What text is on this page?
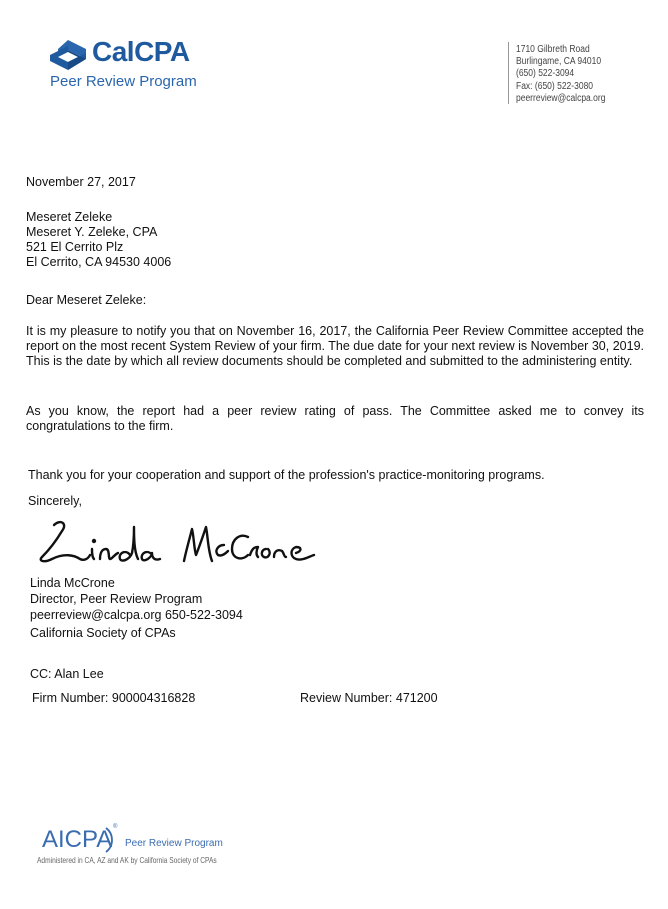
CalCPA
Peer Review Program
1710 Gilbreth Road
Burlingame, CA 94010
(650) 522-3094
Fax: (650) 522-3080
peerreview@calcpa.org
November 27, 2017
Meseret Zeleke
Meseret Y. Zeleke, CPA
521 El Cerrito Plz
El Cerrito, CA 94530 4006
Dear Meseret Zeleke:
It is my pleasure to notify you that on November 16, 2017, the California Peer Review Committee accepted the report on the most recent System Review of your firm. The due date for your next review is November 30, 2019. This is the date by which all review documents should be completed and submitted to the administering entity.
As you know, the report had a peer review rating of pass. The Committee asked me to convey its congratulations to the firm.
Thank you for your cooperation and support of the profession's practice-monitoring programs.
Sincerely,
Linda McCrone
Director, Peer Review Program
peerreview@calcpa.org 650-522-3094
California Society of CPAs
CC: Alan Lee
Firm Number: 900004316828	Review Number: 471200
AICPA ®
Peer Review Program
Administered in CA, AZ and AK by California Society of CPAs
